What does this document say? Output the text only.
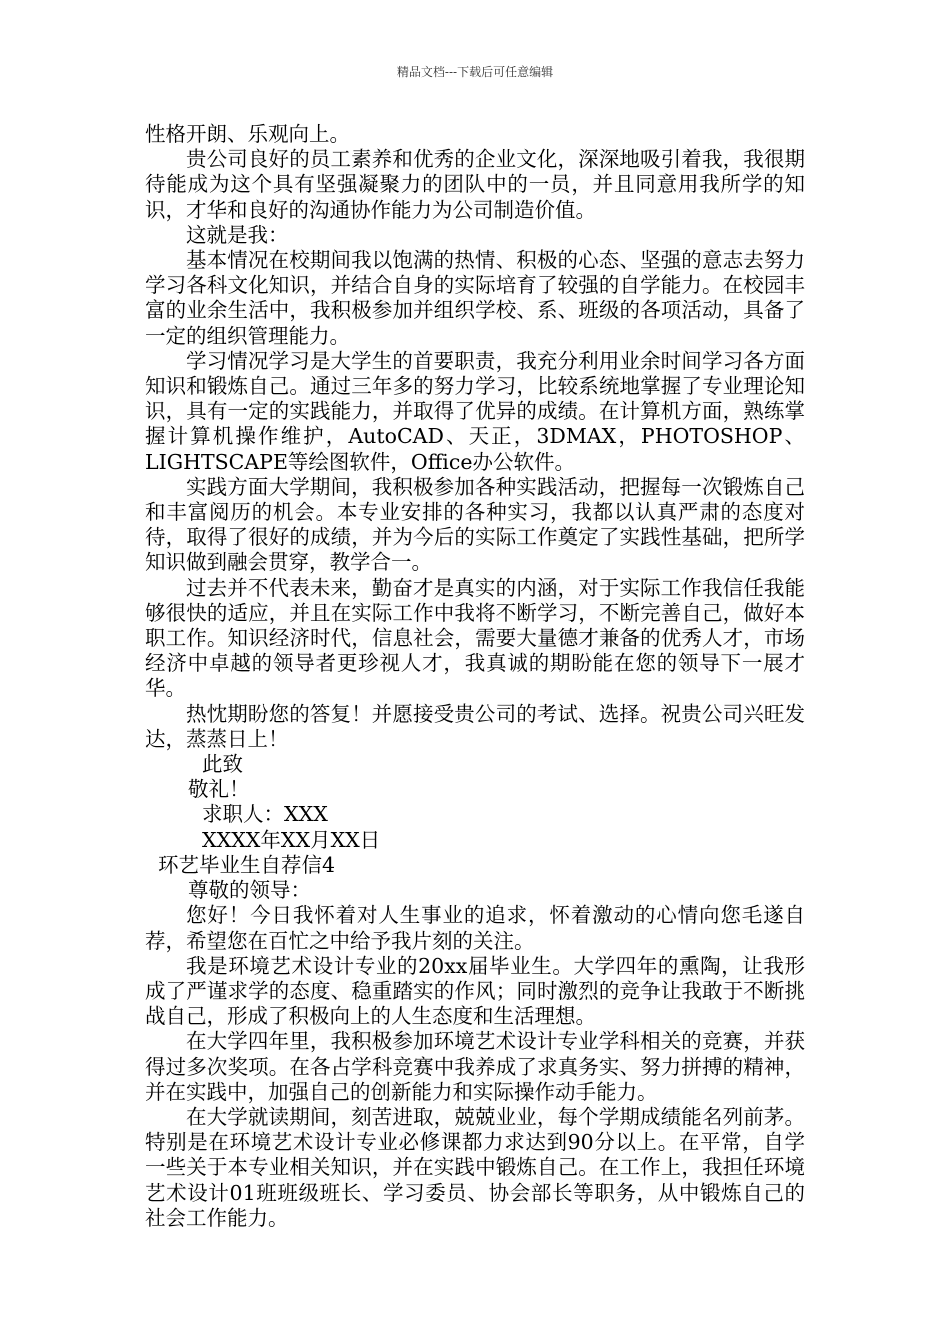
精品文档---下载后可任意编辑

性格开朗、乐观向上。

贵公司良好的员工素养和优秀的企业文化，深深地吸引着我，我很期待能成为这个具有坚强凝聚力的团队中的一员，并且同意用我所学的知识，才华和良好的沟通协作能力为公司制造价值。

这就是我：

基本情况在校期间我以饱满的热情、积极的心态、坚强的意志去努力学习各科文化知识，并结合自身的实际培育了较强的自学能力。在校园丰富的业余生活中，我积极参加并组织学校、系、班级的各项活动，具备了一定的组织管理能力。

学习情况学习是大学生的首要职责，我充分利用业余时间学习各方面知识和锻炼自己。通过三年多的努力学习，比较系统地掌握了专业理论知识，具有一定的实践能力，并取得了优异的成绩。在计算机方面，熟练掌握计算机操作维护，AutoCAD、天正，3DMAX，PHOTOSHOP、LIGHTSCAPE等绘图软件，Office办公软件。

实践方面大学期间，我积极参加各种实践活动，把握每一次锻炼自己和丰富阅历的机会。本专业安排的各种实习，我都以认真严肃的态度对待，取得了很好的成绩，并为今后的实际工作奠定了实践性基础，把所学知识做到融会贯穿，教学合一。

过去并不代表未来，勤奋才是真实的内涵，对于实际工作我信任我能够很快的适应，并且在实际工作中我将不断学习，不断完善自己，做好本职工作。知识经济时代，信息社会，需要大量德才兼备的优秀人才，市场经济中卓越的领导者更珍视人才，我真诚的期盼能在您的领导下一展才华。

热忱期盼您的答复！并愿接受贵公司的考试、选择。祝贵公司兴旺发达，蒸蒸日上！

此致

敬礼！

求职人：XXX

XXXX年XX月XX日

环艺毕业生自荐信4

尊敬的领导：

您好！今日我怀着对人生事业的追求，怀着激动的心情向您毛遂自荐，希望您在百忙之中给予我片刻的关注。

我是环境艺术设计专业的20xx届毕业生。大学四年的熏陶，让我形成了严谨求学的态度、稳重踏实的作风；同时激烈的竞争让我敢于不断挑战自己，形成了积极向上的人生态度和生活理想。

在大学四年里，我积极参加环境艺术设计专业学科相关的竞赛，并获得过多次奖项。在各占学科竞赛中我养成了求真务实、努力拼搏的精神，并在实践中，加强自己的创新能力和实际操作动手能力。

在大学就读期间，刻苦进取，兢兢业业，每个学期成绩能名列前茅。特别是在环境艺术设计专业必修课都力求达到90分以上。在平常，自学一些关于本专业相关知识，并在实践中锻炼自己。在工作上，我担任环境艺术设计01班班级班长、学习委员、协会部长等职务，从中锻炼自己的社会工作能力。
